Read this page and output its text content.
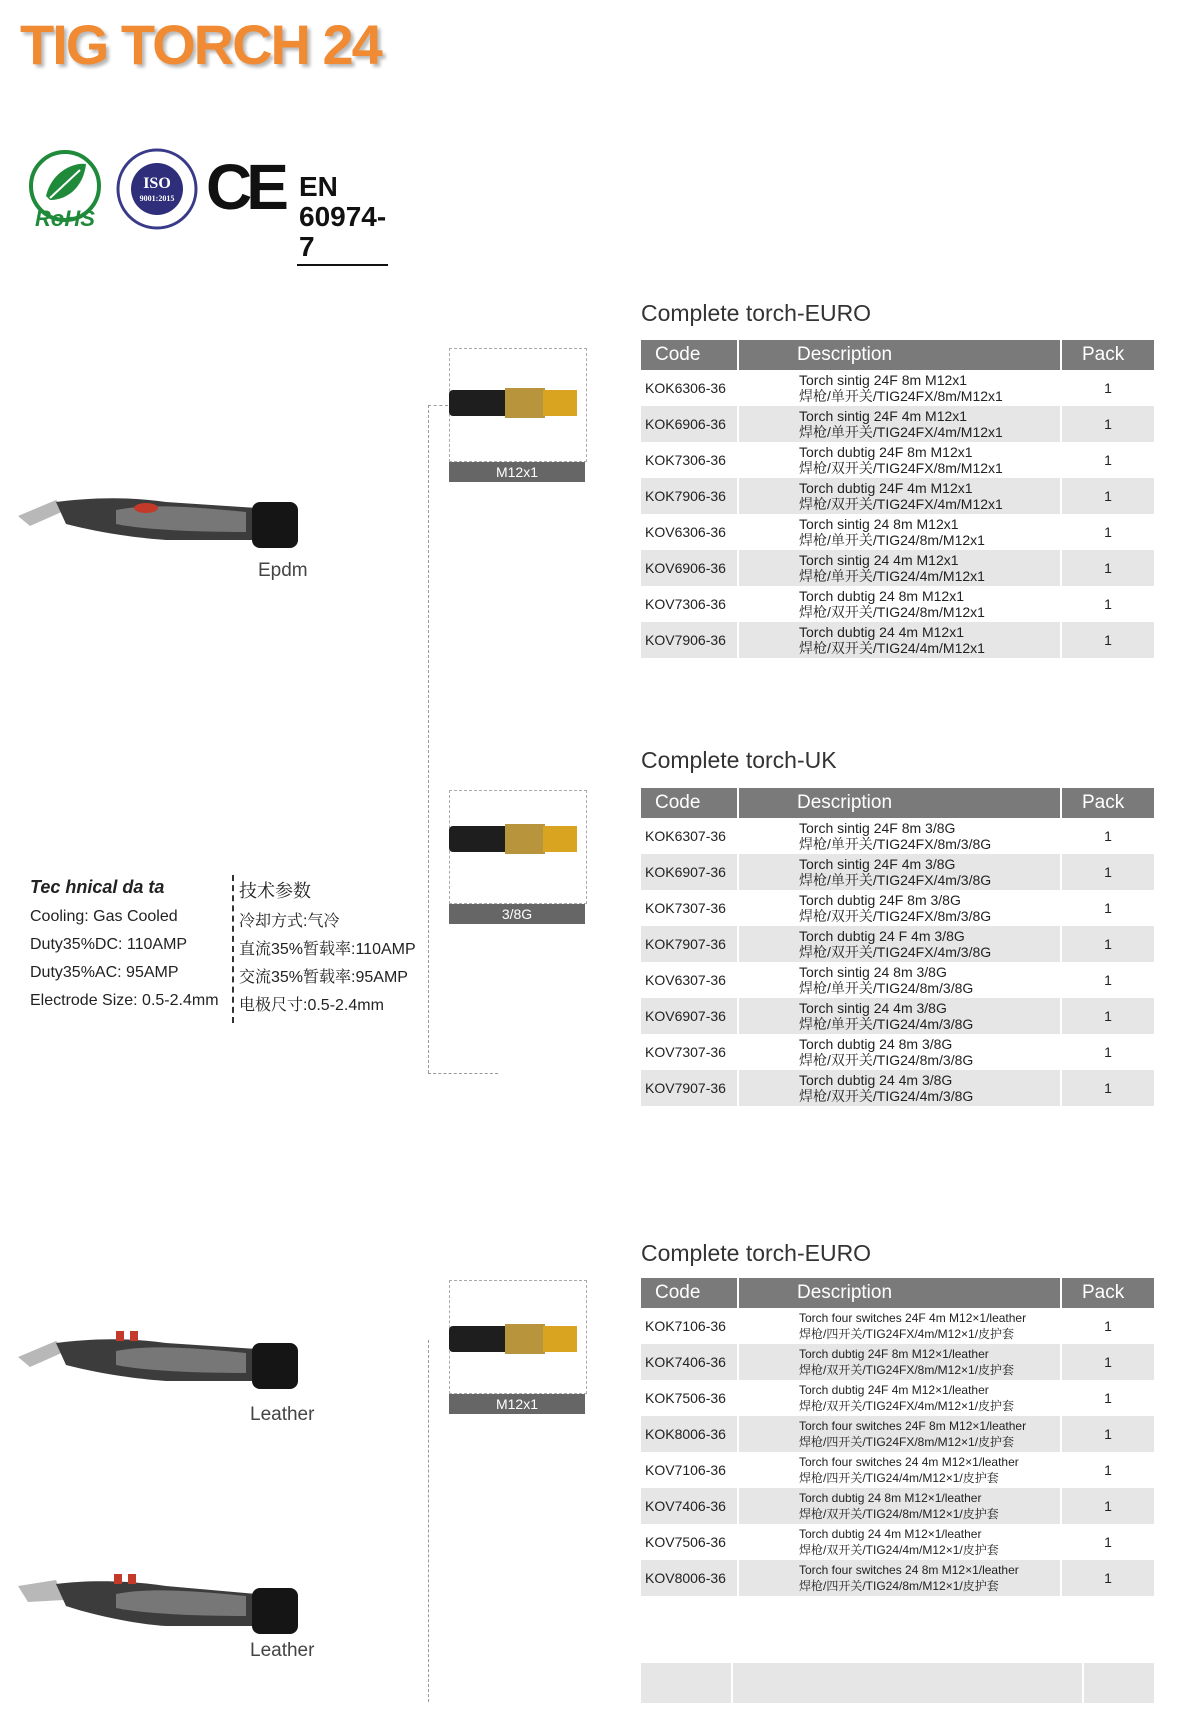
TIG TORCH 24
RoHS
ISO
9001:2015 CE EN 60974-7
Epdm
Leather
Leather
M12x1
3/8G
M12x1
Tec hnical da ta	技术参数
Cooling: Gas Cooled
Duty35%DC: 110AMP
Duty35%AC: 95AMP
Electrode Size: 0.5-2.4mm
冷却方式:气冷
直流35%暂载率:110AMP
交流35%暂载率:95AMP
电极尺寸:0.5-2.4mm
Complete torch-EURO
Complete torch-UK
Complete torch-EURO
Code	Description	Pack
KOK6306-36	Torch sintig 24F 8m M12x1
焊枪/单开关/TIG24FX/8m/M12x1	1
KOK6906-36	Torch sintig 24F 4m M12x1
焊枪/单开关/TIG24FX/4m/M12x1	1
KOK7306-36	Torch dubtig 24F 8m M12x1
焊枪/双开关/TIG24FX/8m/M12x1	1
KOK7906-36	Torch dubtig 24F 4m M12x1
焊枪/双开关/TIG24FX/4m/M12x1	1
KOV6306-36	Torch sintig 24 8m M12x1
焊枪/单开关/TIG24/8m/M12x1	1
KOV6906-36	Torch sintig 24 4m M12x1
焊枪/单开关/TIG24/4m/M12x1	1
KOV7306-36	Torch dubtig 24 8m M12x1
焊枪/双开关/TIG24/8m/M12x1	1
KOV7906-36	Torch dubtig 24 4m M12x1
焊枪/双开关/TIG24/4m/M12x1	1
Code	Description	Pack
KOK6307-36	Torch sintig 24F 8m 3/8G
焊枪/单开关/TIG24FX/8m/3/8G	1
KOK6907-36	Torch sintig 24F 4m 3/8G
焊枪/单开关/TIG24FX/4m/3/8G	1
KOK7307-36	Torch dubtig 24F 8m 3/8G
焊枪/双开关/TIG24FX/8m/3/8G	1
KOK7907-36	Torch dubtig 24 F 4m 3/8G
焊枪/双开关/TIG24FX/4m/3/8G	1
KOV6307-36	Torch sintig 24 8m 3/8G
焊枪/单开关/TIG24/8m/3/8G	1
KOV6907-36	Torch sintig 24 4m 3/8G
焊枪/单开关/TIG24/4m/3/8G	1
KOV7307-36	Torch dubtig 24 8m 3/8G
焊枪/双开关/TIG24/8m/3/8G	1
KOV7907-36	Torch dubtig 24 4m 3/8G
焊枪/双开关/TIG24/4m/3/8G	1
Code	Description	Pack
KOK7106-36	Torch four switches 24F 4m M12×1/leather
焊枪/四开关/TIG24FX/4m/M12×1/皮护套	1
KOK7406-36	Torch dubtig 24F 8m M12×1/leather
焊枪/双开关/TIG24FX/8m/M12×1/皮护套	1
KOK7506-36	Torch dubtig 24F 4m M12×1/leather
焊枪/双开关/TIG24FX/4m/M12×1/皮护套	1
KOK8006-36	Torch four switches 24F 8m M12×1/leather
焊枪/四开关/TIG24FX/8m/M12×1/皮护套	1
KOV7106-36	Torch four switches 24 4m M12×1/leather
焊枪/四开关/TIG24/4m/M12×1/皮护套	1
KOV7406-36	Torch dubtig 24 8m M12×1/leather
焊枪/双开关/TIG24/8m/M12×1/皮护套	1
KOV7506-36	Torch dubtig 24 4m M12×1/leather
焊枪/双开关/TIG24/4m/M12×1/皮护套	1
KOV8006-36	Torch four switches 24 8m M12×1/leather
焊枪/四开关/TIG24/8m/M12×1/皮护套	1
